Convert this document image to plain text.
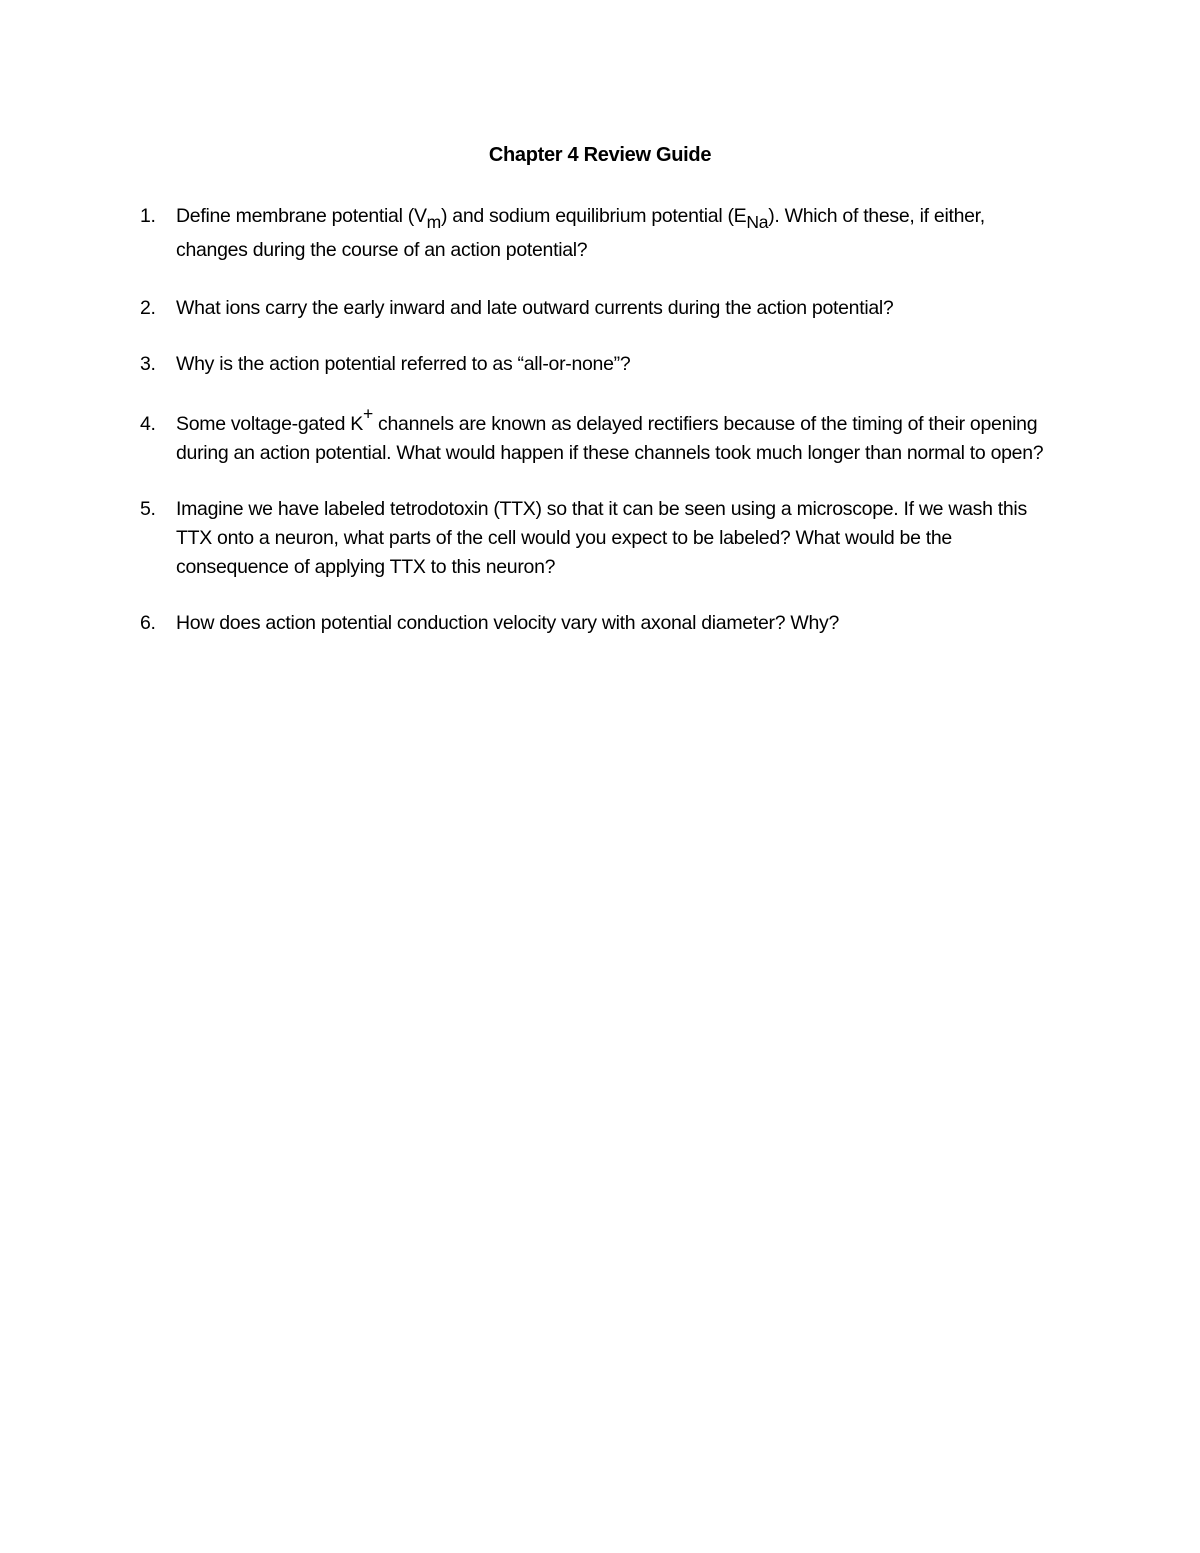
Chapter 4 Review Guide
1. Define membrane potential $(V_m)$ and sodium equilibrium potential $(E_{Na})$. Which of these, if either, changes during the course of an action potential?
2. What ions carry the early inward and late outward currents during the action potential?
3. Why is the action potential referred to as “all-or-none”?
4. Some voltage-gated K+ channels are known as delayed rectifiers because of the timing of their opening during an action potential. What would happen if these channels took much longer than normal to open?
5. Imagine we have labeled tetrodotoxin (TTX) so that it can be seen using a microscope. If we wash this TTX onto a neuron, what parts of the cell would you expect to be labeled? What would be the consequence of applying TTX to this neuron?
6. How does action potential conduction velocity vary with axonal diameter? Why?
